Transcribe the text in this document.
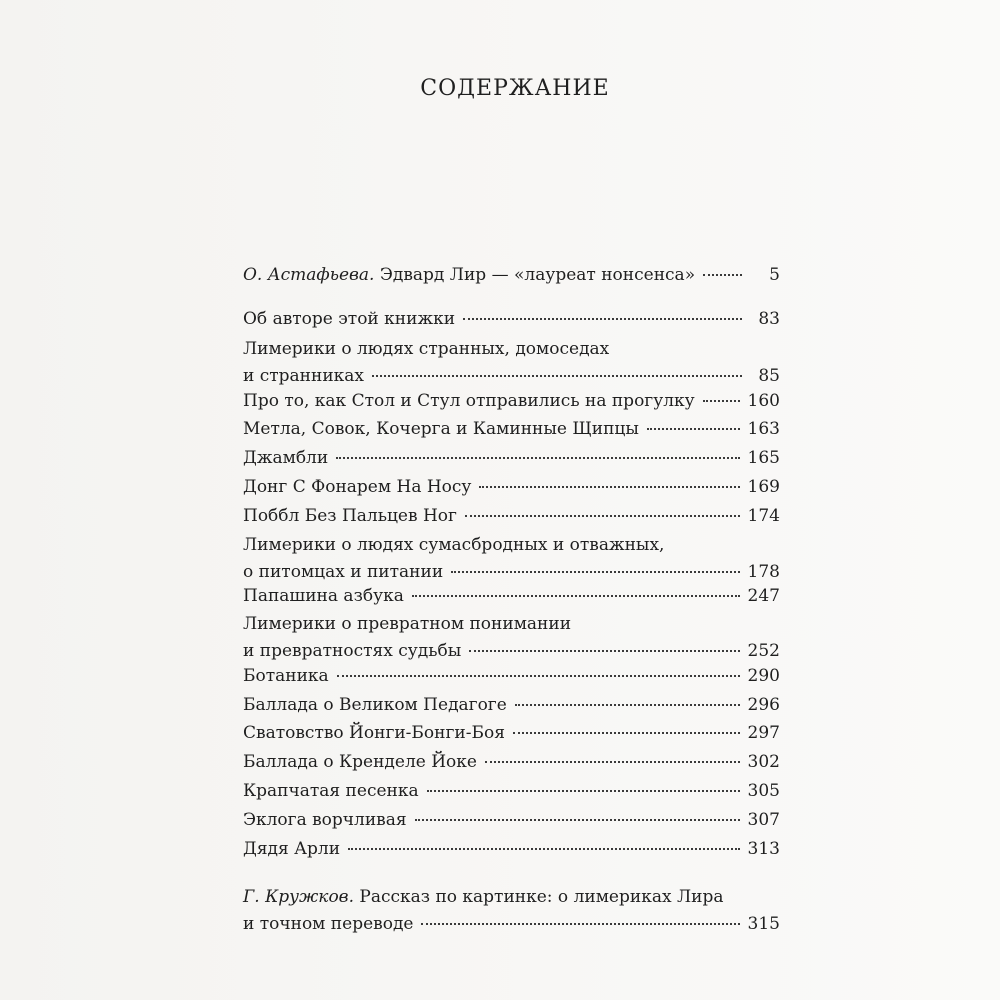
СОДЕРЖАНИЕ
О. Астафьева.
Эдвард Лир — «лауреат нонсенса»	5
Об авторе этой книжки	83
Лимерики о людях странных, домоседах
и странниках	85
Про то, как Стол и Стул отправились на прогулку	160
Метла, Совок, Кочерга и Каминные Щипцы	163
Джамбли	165
Донг С Фонарем На Носу	169
Поббл Без Пальцев Ног	174
Лимерики о людях сумасбродных и отважных,
о питомцах и питании	178
Папашина азбука	247
Лимерики о превратном понимании
и превратностях судьбы	252
Ботаника	290
Баллада о Великом Педагоге	296
Сватовство Йонги-Бонги-Боя	297
Баллада о Кренделе Йоке	302
Крапчатая песенка	305
Эклога ворчливая	307
Дядя Арли	313
Г. Кружков.
Рассказ по картинке: о лимериках Лира
и точном переводе	315
